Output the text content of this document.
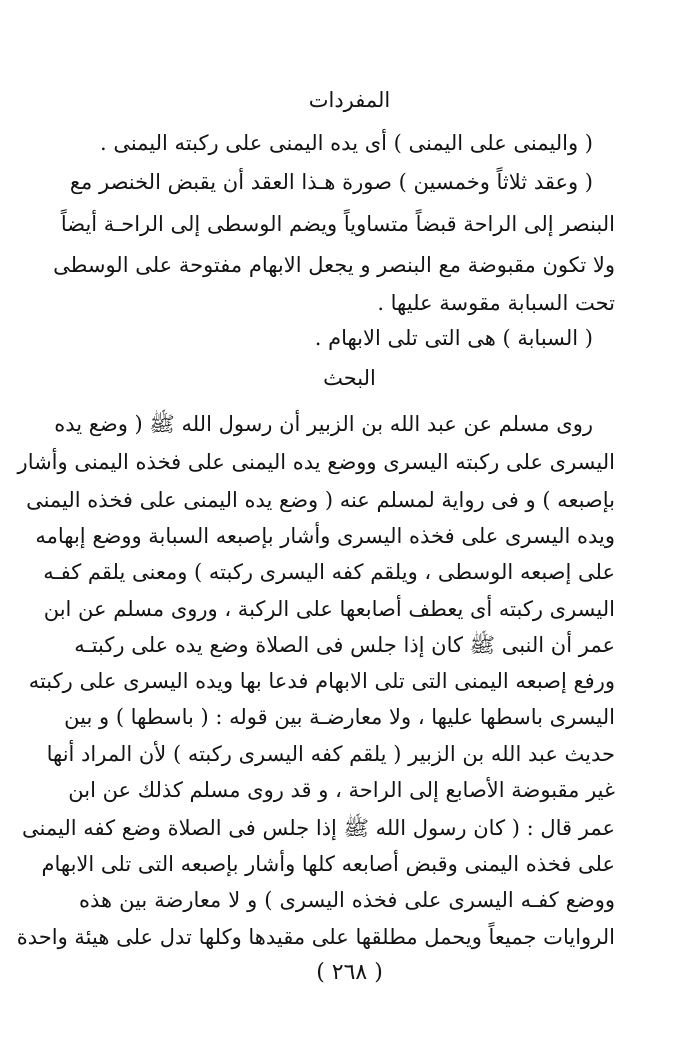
المفردات
( واليمنى على اليمنى ) أى يده اليمنى على ركبته اليمنى .
( وعقد ثلاثاً وخمسين ) صورة هـذا العقد أن يقبض الخنصر مع
البنصر إلى الراحة قبضاً متساوياً ويضم الوسطى إلى الراحـة أيضاً
ولا تكون مقبوضة مع البنصر و يجعل الابهام مفتوحة على الوسطى
تحت السبابة مقوسة عليها .
( السبابة ) هى التى تلى الابهام .
البحث
روى مسلم عن عبد الله بن الزبير أن رسول الله ﷺ ( وضع يده
اليسرى على ركبته اليسرى ووضع يده اليمنى على فخذه اليمنى وأشار
بإصبعه ) و فى رواية لمسلم عنه ( وضع يده اليمنى على فخذه اليمنى
ويده اليسرى على فخذه اليسرى وأشار بإصبعه السبابة ووضع إبهامه
على إصبعه الوسطى ، ويلقم كفه اليسرى ركبته ) ومعنى يلقم كفـه
اليسرى ركبته أى يعطف أصابعها على الركبة ، وروى مسلم عن ابن
عمر أن النبى ﷺ كان إذا جلس فى الصلاة وضع يده على ركبتـه
ورفع إصبعه اليمنى التى تلى الابهام فدعا بها ويده اليسرى على ركبته
اليسرى باسطها عليها ، ولا معارضـة بين قوله : ( باسطها ) و بين
حديث عبد الله بن الزبير ( يلقم كفه اليسرى ركبته ) لأن المراد أنها
غير مقبوضة الأصابع إلى الراحة ، و قد روى مسلم كذلك عن ابن
عمر قال : ( كان رسول الله ﷺ إذا جلس فى الصلاة وضع كفه اليمنى
على فخذه اليمنى وقبض أصابعه كلها وأشار بإصبعه التى تلى الابهام
ووضع كفـه اليسرى على فخذه اليسرى ) و لا معارضة بين هذه
الروايات جميعاً ويحمل مطلقها على مقيدها وكلها تدل على هيئة واحدة
( ٢٦٨ )
